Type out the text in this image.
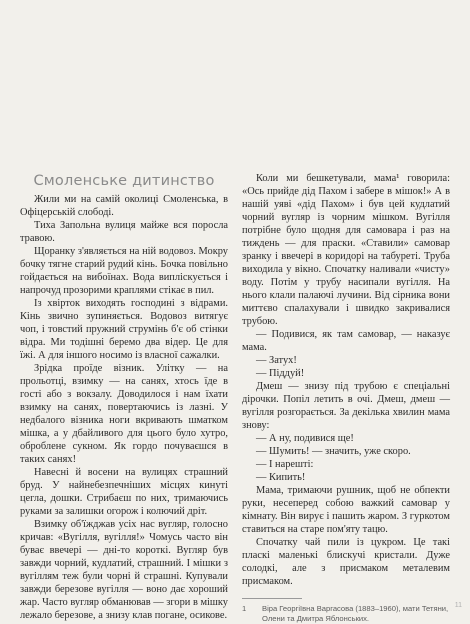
Смоленське дитинство

Жили ми на самій околиці Смоленська, в Офіцерській слободі.

Тиха Запольна вулиця майже вся поросла травою.

Щоранку з'являється на ній водовоз. Мокру бочку тягне старий рудий кінь. Бочка повільно гойдається на вибоїнах. Вода випліскується і напрочуд прозорими краплями стікає в пил.

Із хвірток виходять господині з відрами. Кінь звично зупиняється. Водовоз витягує чоп, і товстий пружний струмінь б'є об стінки відра. Ми тодішні беремо два відер. Це для їжі. А для іншого носимо із власної сажалки.

Зрідка проїде візник. Улітку — на прольотці, взимку — на санях, хтось їде в гості або з вокзалу. Доводилося і нам їхати взимку на санях, повертаючись із лазні. У недбалого візника ноги вкривають шматком мішка, а у дбайливого для цього було хутро, оброблене сукном. Як гордо почуваєшся в таких санях!

Навесні й восени на вулицях страшний бруд. У найнебезпечніших місцях кинуті цегла, дошки. Стрибаєш по них, тримаючись руками за залишки огорож і колючий дріт.

Взимку об'їжджав усіх нас вугляр, голосно кричав: «Вугілля, вугілля!» Чомусь часто він буває ввечері — дні-то короткі. Вугляр був завжди чорний, кудлатий, страшний. І мішки з вугіллям теж були чорні й страшні. Купували завжди березове вугілля — воно дає хороший жар. Часто вугляр обманював — згори в мішку лежало березове, а знизу клав погане, осикове.

Коли ми бешкетували, мама¹ говорила: «Ось прийде дід Пахом і забере в мішок!» А в нашій уяві «дід Пахом» і був цей кудлатий чорний вугляр із чорним мішком. Вугілля потрібне було щодня для самовара і раз на тиждень — для праски. «Ставили» самовар зранку і ввечері в коридорі на табуреті. Труба виходила у вікно. Спочатку наливали «чисту» воду. Потім у трубу насипали вугілля. На нього клали палаючі лучини. Від сірника вони миттєво спалахували і швидко закривалися трубою.

— Подивися, як там самовар, — наказує мама.

— Затух!

— Піддуй!

Дмеш — знизу під трубою є спеціальні дірочки. Попіл летить в очі. Дмеш, дмеш — вугілля розгорається. За декілька хвилин мама знову:

— А ну, подивися ще!

— Шумить! — значить, уже скоро.

— І нарешті:

— Кипить!

Мама, тримаючи рушник, щоб не обпекти руки, несеперед собою важкий самовар у кімнату. Він вирує і пашить жаром. З гуркотом ставиться на старе пом'яту тацю.

Спочатку чай пили із цукром. Це такі пласкі маленькі блискучі кристали. Дуже солодкі, але з присмаком металевим присмаком.

1	Віра Георгіївна Варгасова (1883–1960), мати Тетяни, Олени та Дмитра Яблонських.
11
